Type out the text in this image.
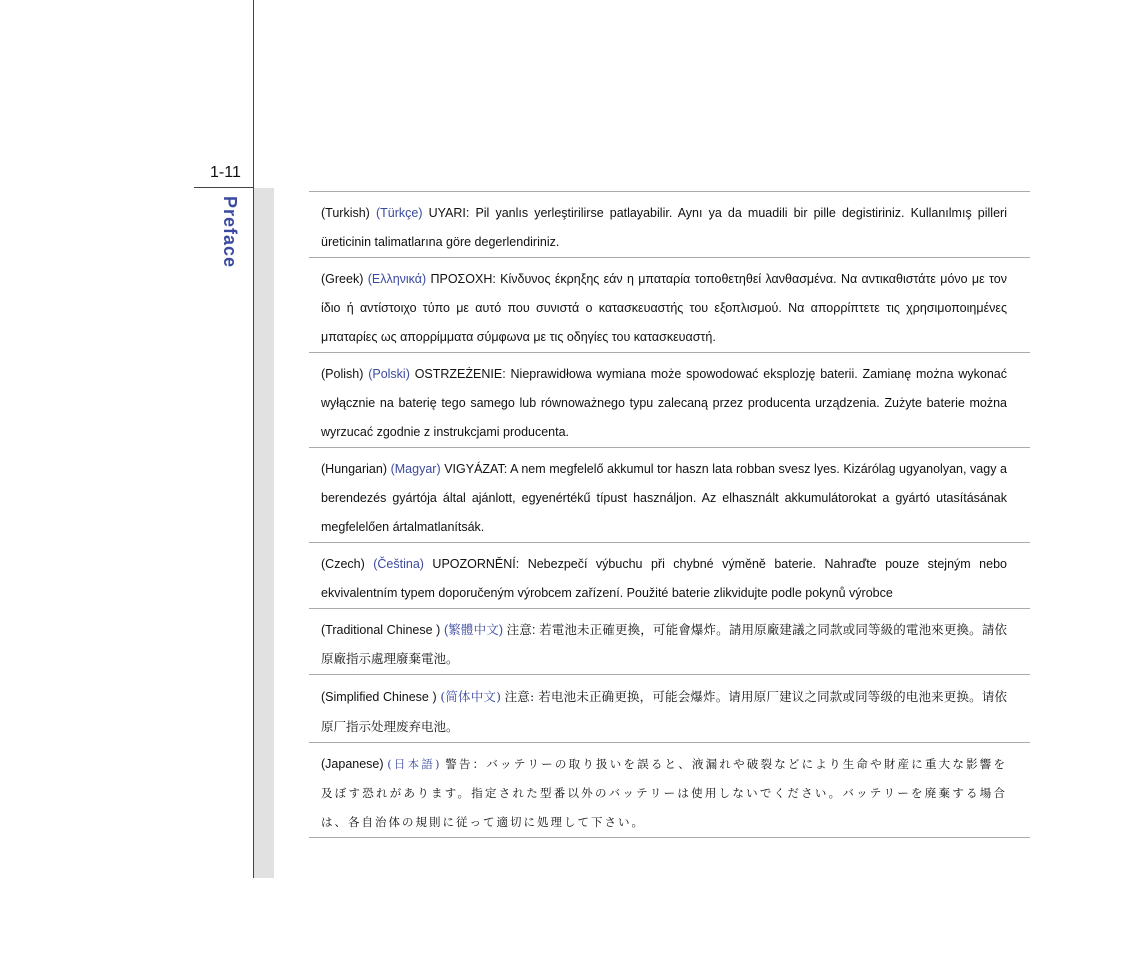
1-11
Preface	(Turkish) (Türkçe) UYARI: Pil yanlıs yerleştirilirse patlayabilir. Aynı ya da muadili bir pille degistiriniz. Kullanılmış pilleri üreticinin talimatlarına göre degerlendiriniz.
(Greek) (Ελληνικά) ΠΡΟΣΟΧΗ: Κίνδυνος έκρηξης εάν η μπαταρία τοποθετηθεί λανθασμένα. Να αντικαθιστάτε μόνο με τον ίδιο ή αντίστοιχο τύπο με αυτό που συνιστά ο κατασκευαστής του εξοπλισμού. Να απορρίπτετε τις χρησιμοποιημένες μπαταρίες ως απορρίμματα σύμφωνα με τις οδηγίες του κατασκευαστή.
(Polish) (Polski) OSTRZEŻENIE: Nieprawidłowa wymiana może spowodować eksplozję baterii. Zamianę można wykonać wyłącznie na baterię tego samego lub równoważnego typu zalecaną przez producenta urządzenia. Zużyte baterie można wyrzucać zgodnie z instrukcjami producenta.
(Hungarian) (Magyar) VIGYÁZAT: A nem megfelelő akkumul tor haszn lata robban svesz lyes. Kizárólag ugyanolyan, vagy a berendezés gyártója által ajánlott, egyenértékű típust használjon. Az elhasznált akkumulátorokat a gyártó utasításának megfelelően ártalmatlanítsák.
(Czech) (Čeština) UPOZORNĚNÍ: Nebezpečí výbuchu při chybné výměně baterie. Nahraďte pouze stejným nebo ekvivalentním typem doporučeným výrobcem zařízení. Použité baterie zlikvidujte podle pokynů výrobce
(Traditional Chinese ) (繁體中文) 注意: 若電池未正確更換，可能會爆炸。請用原廠建議之同款或同等級的電池來更換。請依原廠指示處理廢棄電池。
(Simplified Chinese ) (简体中文) 注意: 若电池未正确更换，可能会爆炸。请用原厂建议之同款或同等级的电池来更换。请依原厂指示处理废弃电池。
(Japanese) (日本語) 警告：バッテリーの取り扱いを誤ると、液漏れや破裂などにより生命や財産に重大な影響を及ぼす恐れがあります。指定された型番以外のバッテリーは使用しないでください。バッテリーを廃棄する場合は、各自治体の規則に従って適切に処理して下さい。
